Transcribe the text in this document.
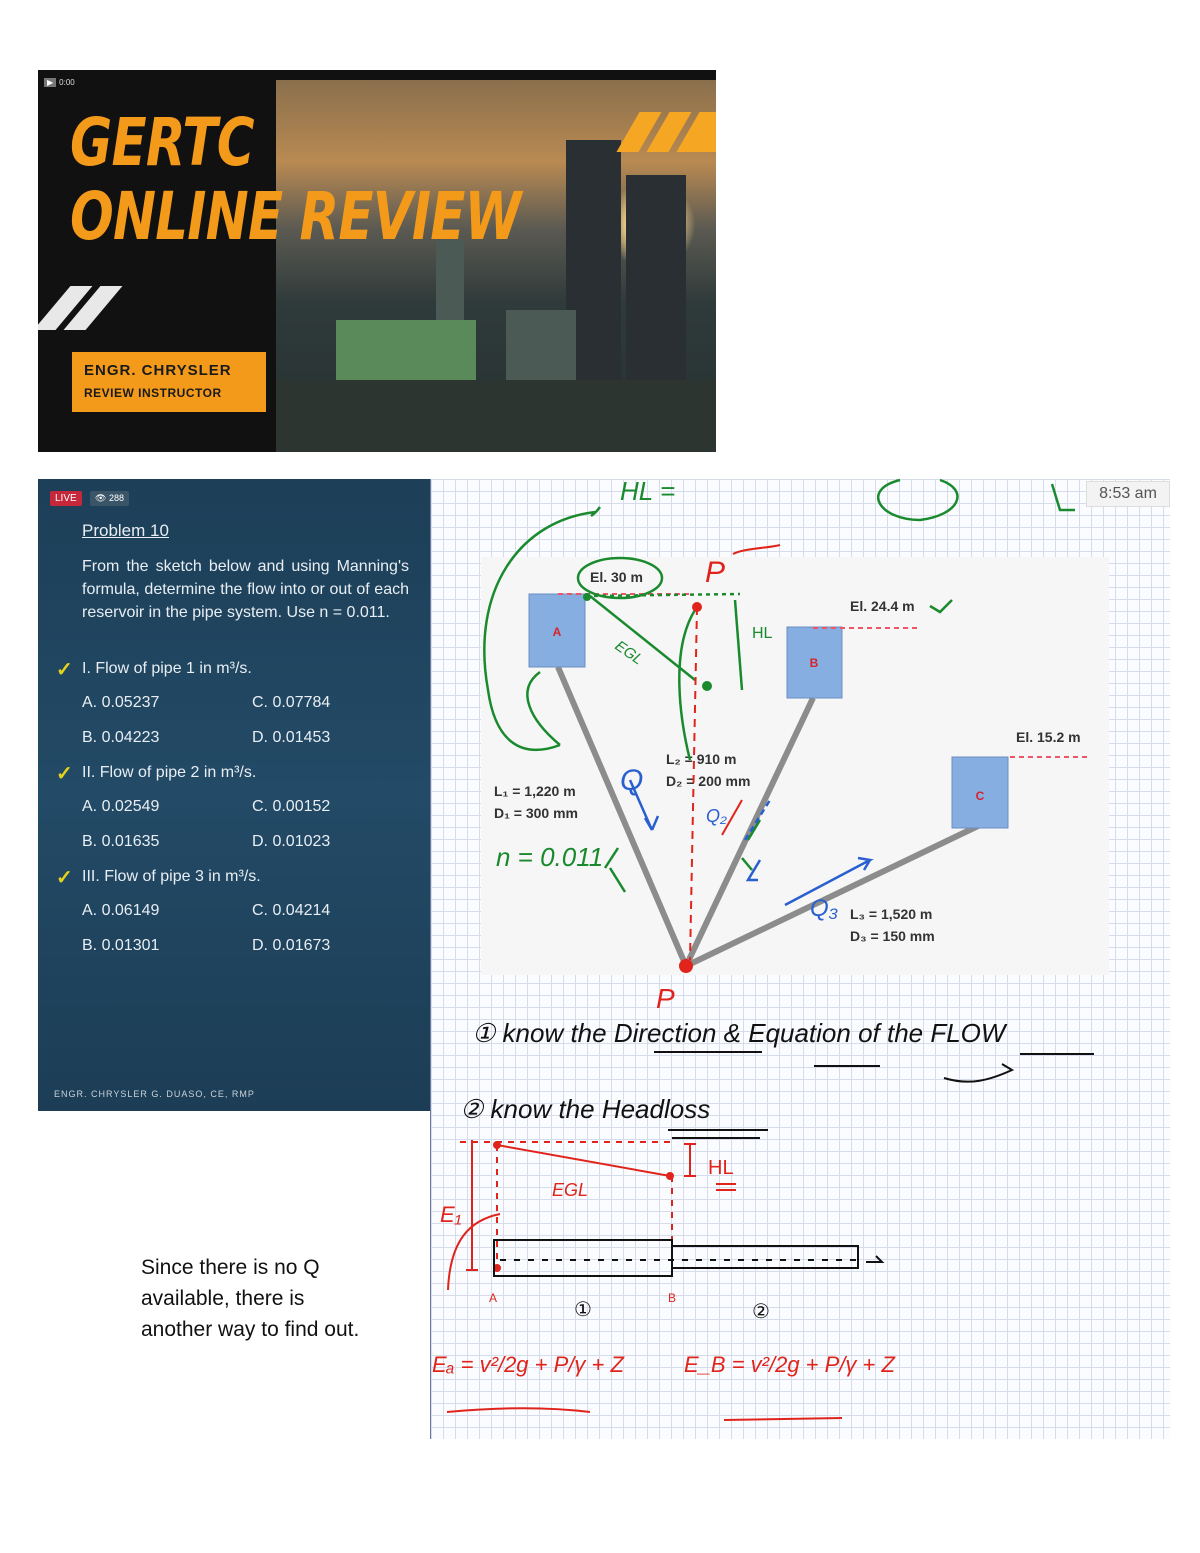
▶ 0:00
GERTC
ONLINE REVIEW
ENGR. CHRYSLER
REVIEW INSTRUCTOR
LIVE	👁 288
Problem 10
From the sketch below and using Manning's formula, determine the flow into or out of each reservoir in the pipe system. Use n = 0.011.
✓ I. Flow of pipe 1 in m³/s.
A. 0.05237	C. 0.07784
B. 0.04223	D. 0.01453
✓ II. Flow of pipe 2 in m³/s.
A. 0.02549	C. 0.00152
B. 0.01635	D. 0.01023
✓ III. Flow of pipe 3 in m³/s.
A. 0.06149	C. 0.04214
B. 0.01301	D. 0.01673
ENGR. CHRYSLER G. DUASO, CE, RMP
8:53 am
A
B
C
El. 30 m
El. 24.4 m
El. 15.2 m
L₁ = 1,220 m
D₁ = 300 mm
L₂ = 910 m
D₂ = 200 mm
L₃ = 1,520 m
D₃ = 150 mm
HL =
EGL
HL
n = 0.011
Q
Q₂
Q₃
P
P
① know the Direction & Equation of the FLOW
② know the Headloss
EGL
HL
E₁
A	B
①	②
Eₐ = v²/2g + P/γ + Z	E_B = v²/2g + P/γ + Z
Since there is no Q
available, there is
another way to find out.
